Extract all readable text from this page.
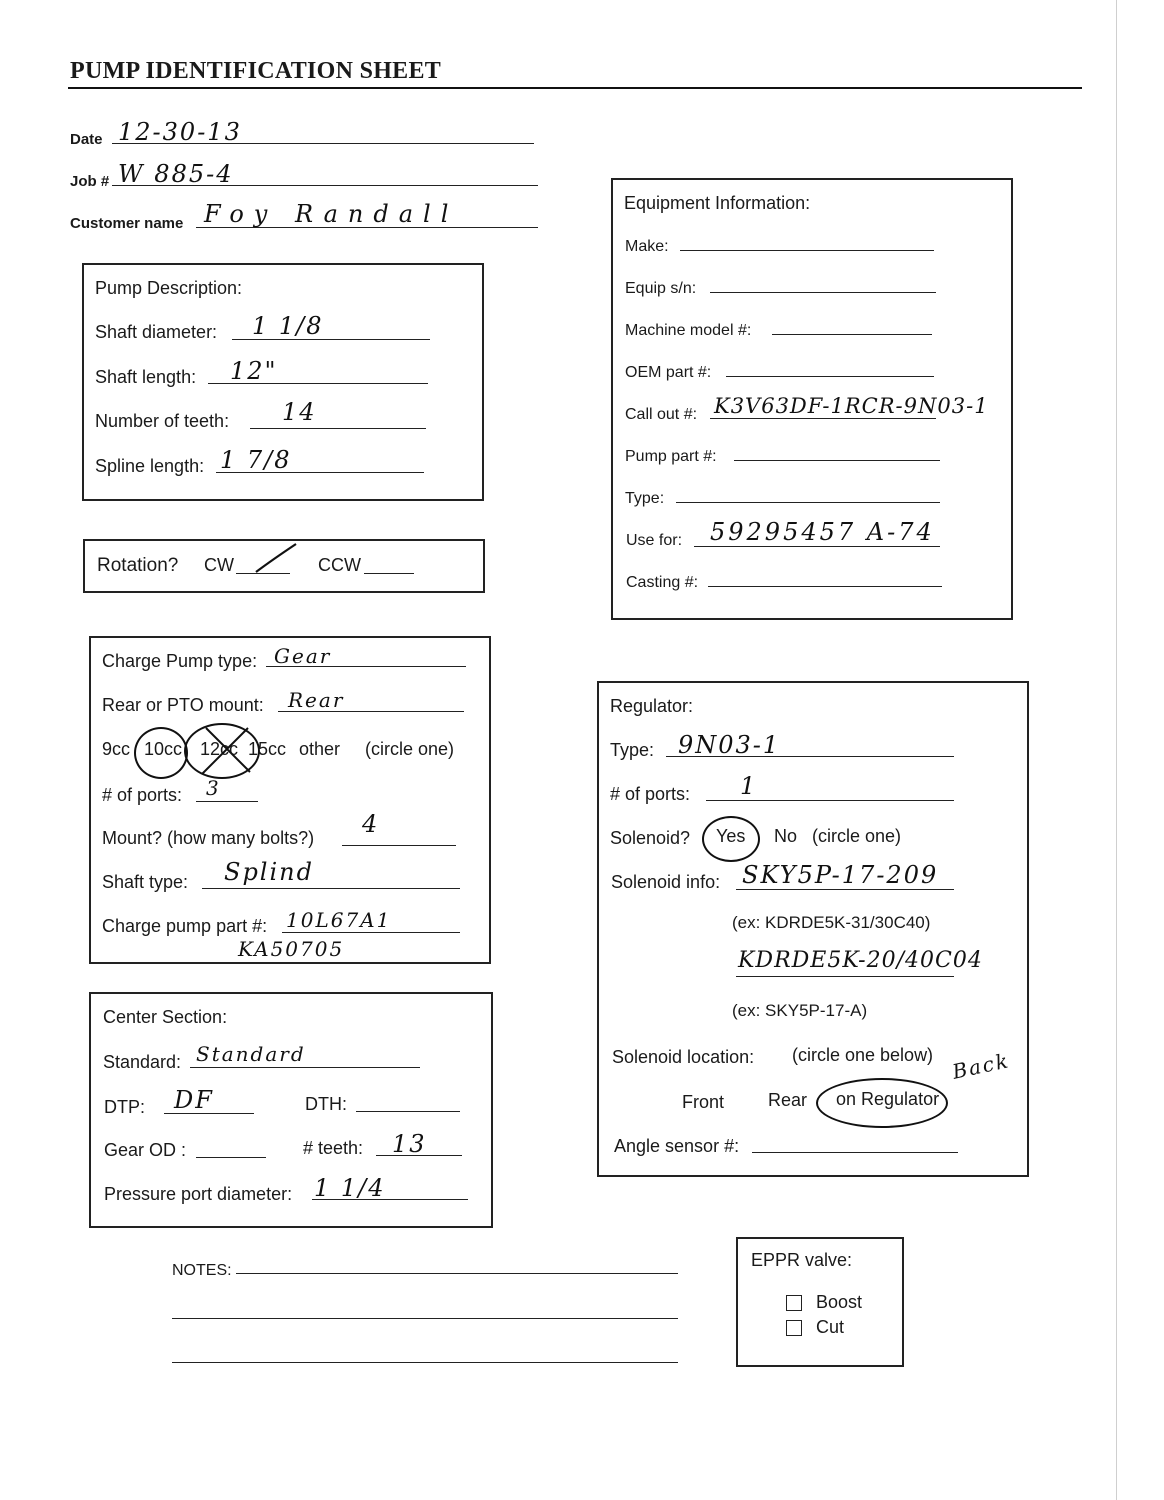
PUMP IDENTIFICATION SHEET
Date 12-30-13
Job # W 885-4
Customer name Foy Randall
Pump Description:
Shaft diameter: 1 1/8
Shaft length: 12"
Number of teeth: 14
Spline length: 1 7/8
Rotation? CW	CCW
Charge Pump type: Gear
Rear or PTO mount: Rear
9cc 10cc 12cc 15cc other (circle one)
# of ports: 3
Mount? (how many bolts?) 4
Shaft type: Splind
Charge pump part #: 10L67A1
KA50705
Center Section:
Standard: Standard
DTP: DF	DTH:
Gear OD :	# teeth: 13
Pressure port diameter: 1 1/4
NOTES:
Equipment Information:
Make:
Equip s/n:
Machine model #:
OEM part #:
Call out #: K3V63DF-1RCR-9N03-1
Pump part #:
Type:
Use for: 59295457 A-74
Casting #:
Regulator:
Type: 9N03-1
# of ports: 1
Solenoid? Yes No (circle one)
Solenoid info: SKY5P-17-209
(ex: KDRDE5K-31/30C40)
KDRDE5K-20/40C04
(ex: SKY5P-17-A)
Solenoid location: (circle one below)
Front Rear on Regulator
Back
Angle sensor #:
EPPR valve:
Boost
Cut
